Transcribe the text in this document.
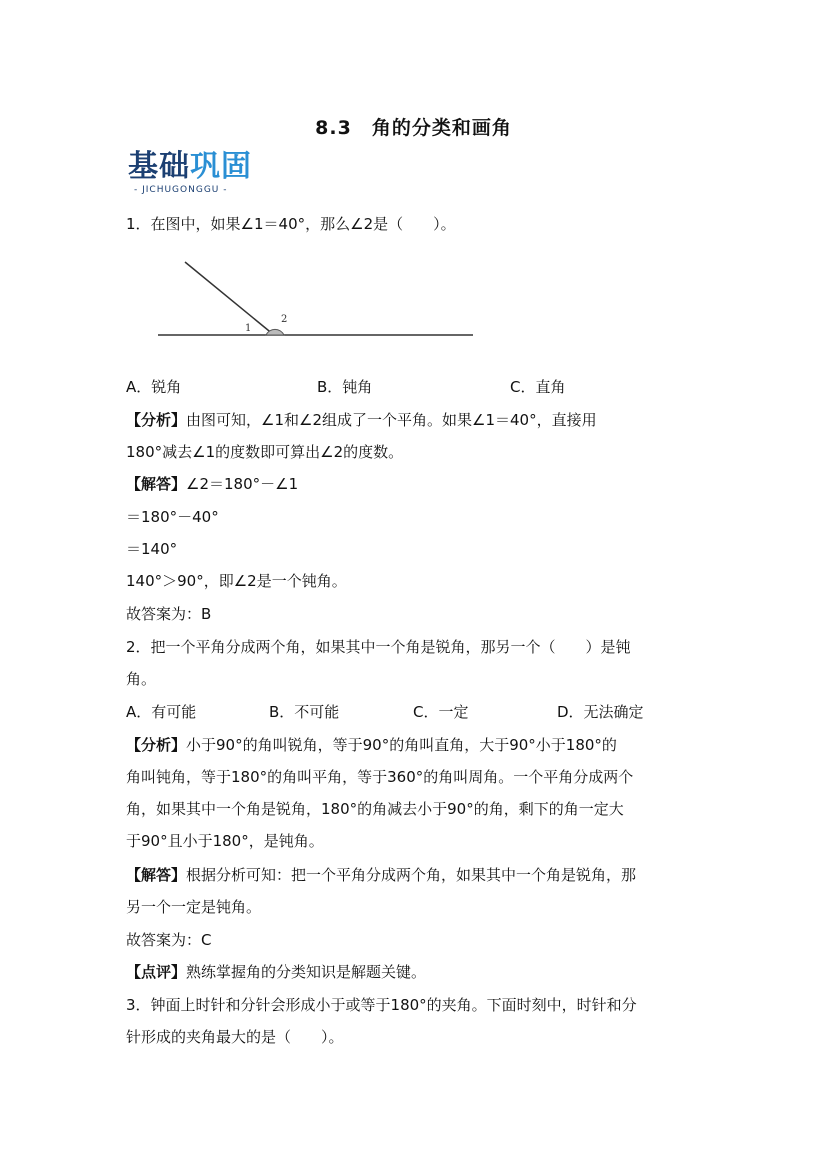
8.3　角的分类和画角
基础巩固
- JICHUGONGGU -
1．在图中，如果∠1＝40°，那么∠2是（　　）。
1
2
A．锐角	B．钝角	C．直角
【分析】由图可知，∠1和∠2组成了一个平角。如果∠1＝40°，直接用
180°减去∠1的度数即可算出∠2的度数。
【解答】∠2＝180°－∠1
＝180°－40°
＝140°
140°＞90°，即∠2是一个钝角。
故答案为：B
2．把一个平角分成两个角，如果其中一个角是锐角，那另一个（　　）是钝
角。
A．有可能	B．不可能	C．一定	D．无法确定
【分析】小于90°的角叫锐角，等于90°的角叫直角，大于90°小于180°的
角叫钝角，等于180°的角叫平角，等于360°的角叫周角。一个平角分成两个
角，如果其中一个角是锐角，180°的角减去小于90°的角，剩下的角一定大
于90°且小于180°，是钝角。
【解答】根据分析可知：把一个平角分成两个角，如果其中一个角是锐角，那
另一个一定是钝角。
故答案为：C
【点评】熟练掌握角的分类知识是解题关键。
3．钟面上时针和分针会形成小于或等于180°的夹角。下面时刻中，时针和分
针形成的夹角最大的是（　　）。
